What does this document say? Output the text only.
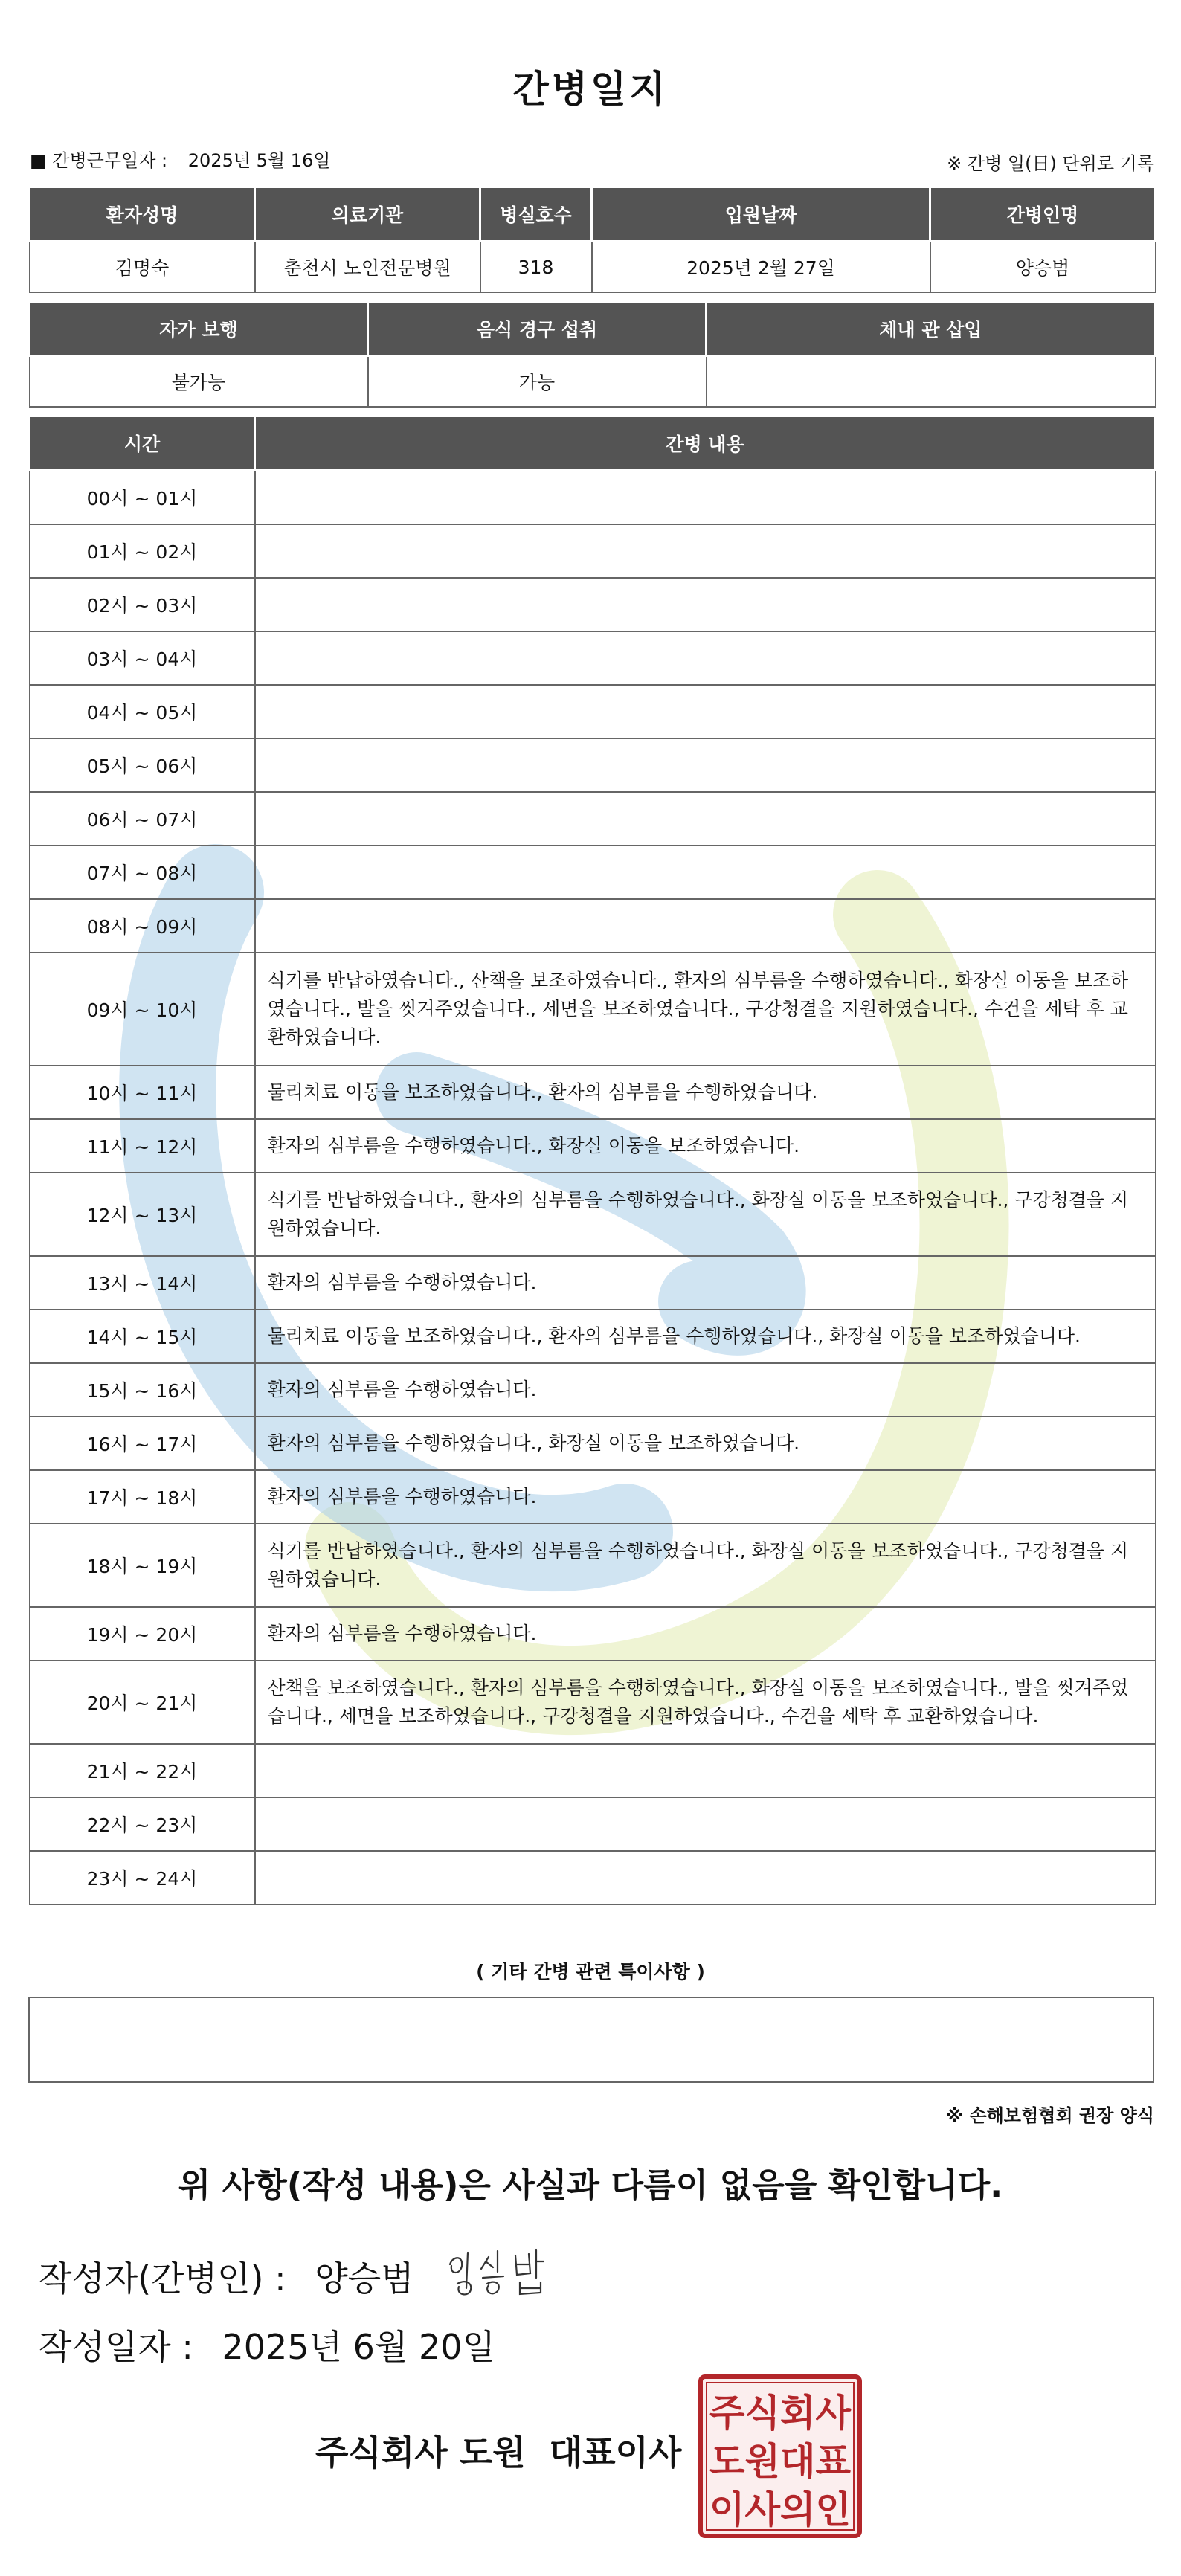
간병일지
■ 간병근무일자 : 2025년 5월 16일	※ 간병 일(日) 단위로 기록
환자성명	의료기관	병실호수	입원날짜	간병인명
김명숙	춘천시 노인전문병원	318	2025년 2월 27일	양승범
자가 보행	음식 경구 섭취	체내 관 삽입
불가능	가능	
시간	간병 내용
00시 ~ 01시	
01시 ~ 02시	
02시 ~ 03시	
03시 ~ 04시	
04시 ~ 05시	
05시 ~ 06시	
06시 ~ 07시	
07시 ~ 08시	
08시 ~ 09시	
09시 ~ 10시	식기를 반납하였습니다., 산책을 보조하였습니다., 환자의 심부름을 수행하였습니다., 화장실 이동을 보조하였습니다., 발을 씻겨주었습니다., 세면을 보조하였습니다., 구강청결을 지원하였습니다., 수건을 세탁 후 교환하였습니다.
10시 ~ 11시	물리치료 이동을 보조하였습니다., 환자의 심부름을 수행하였습니다.
11시 ~ 12시	환자의 심부름을 수행하였습니다., 화장실 이동을 보조하였습니다.
12시 ~ 13시	식기를 반납하였습니다., 환자의 심부름을 수행하였습니다., 화장실 이동을 보조하였습니다., 구강청결을 지원하였습니다.
13시 ~ 14시	환자의 심부름을 수행하였습니다.
14시 ~ 15시	물리치료 이동을 보조하였습니다., 환자의 심부름을 수행하였습니다., 화장실 이동을 보조하였습니다.
15시 ~ 16시	환자의 심부름을 수행하였습니다.
16시 ~ 17시	환자의 심부름을 수행하였습니다., 화장실 이동을 보조하였습니다.
17시 ~ 18시	환자의 심부름을 수행하였습니다.
18시 ~ 19시	식기를 반납하였습니다., 환자의 심부름을 수행하였습니다., 화장실 이동을 보조하였습니다., 구강청결을 지원하였습니다.
19시 ~ 20시	환자의 심부름을 수행하였습니다.
20시 ~ 21시	산책을 보조하였습니다., 환자의 심부름을 수행하였습니다., 화장실 이동을 보조하였습니다., 발을 씻겨주었습니다., 세면을 보조하였습니다., 구강청결을 지원하였습니다., 수건을 세탁 후 교환하였습니다.
21시 ~ 22시	
22시 ~ 23시	
23시 ~ 24시	
( 기타 간병 관련 특이사항 )
※ 손해보험협회 권장 양식
위 사항(작성 내용)은 사실과 다름이 없음을 확인합니다.
작성자(간병인) : 양승범
작성일자 : 2025년 6월 20일
주식회사 도원  대표이사
주식회사
도원대표
이사의인
